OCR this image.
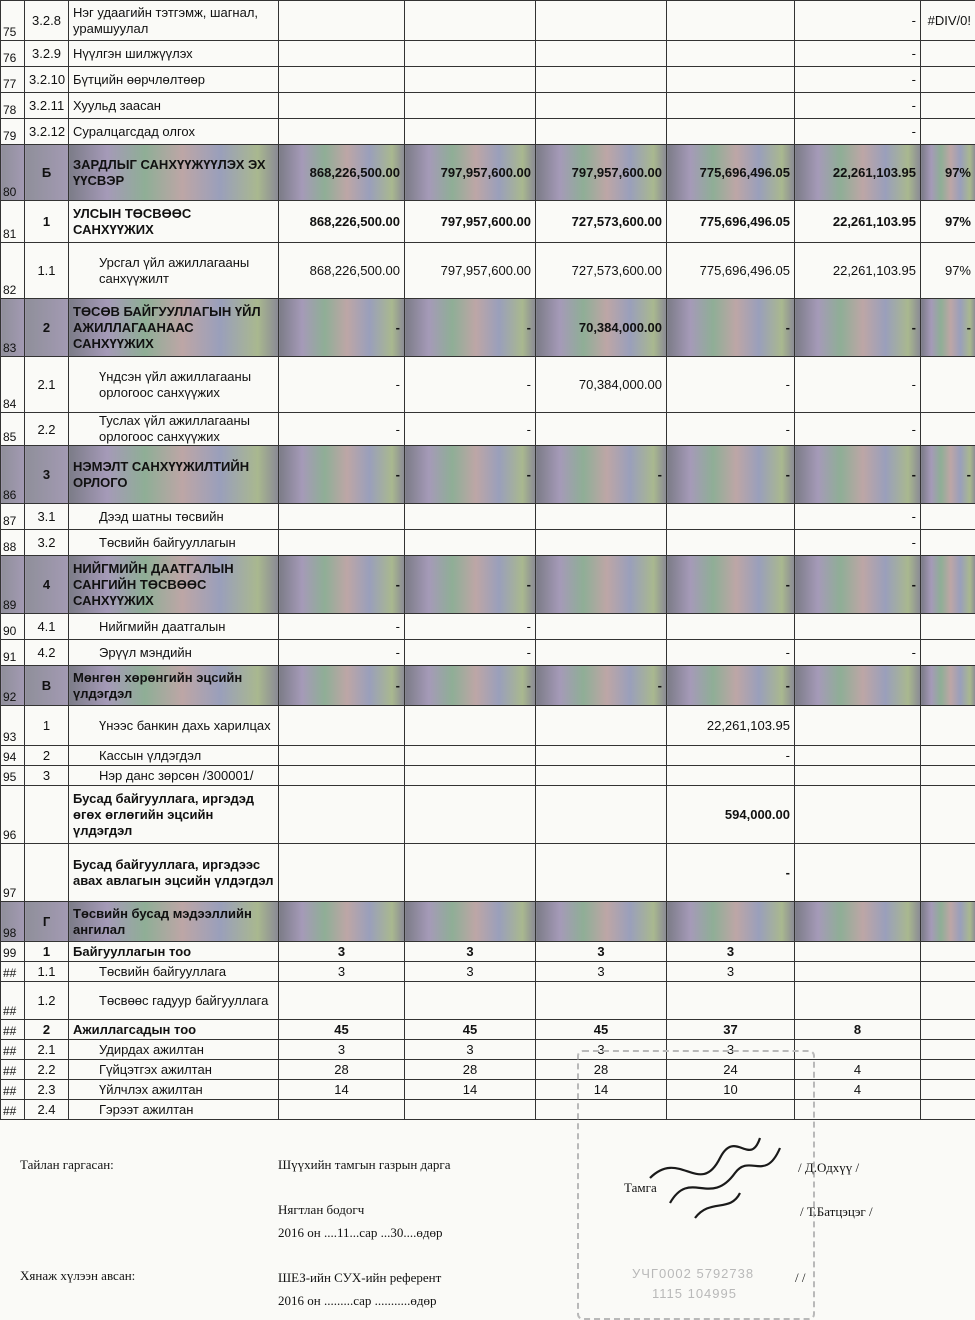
75	3.2.8	Нэг удаагийн тэтгэмж, шагнал, урамшуулал					-	#DIV/0!
76	3.2.9	Нүүлгэн шилжүүлэх					-	
77	3.2.10	Бүтцийн өөрчлөлтөөр					-	
78	3.2.11	Хуульд заасан					-	
79	3.2.12	Суралцагсдад олгох					-	
80	Б	ЗАРДЛЫГ САНХҮҮЖҮҮЛЭХ ЭХ ҮҮСВЭР	868,226,500.00	797,957,600.00	797,957,600.00	775,696,496.05	22,261,103.95	97%
81	1	УЛСЫН ТӨСВӨӨС САНХҮҮЖИХ	868,226,500.00	797,957,600.00	727,573,600.00	775,696,496.05	22,261,103.95	97%
82	1.1	Урсгал үйл ажиллагааны санхүүжилт	868,226,500.00	797,957,600.00	727,573,600.00	775,696,496.05	22,261,103.95	97%
83	2	ТӨСӨВ БАЙГУУЛЛАГЫН ҮЙЛ АЖИЛЛАГААНААС САНХҮҮЖИХ	-	-	70,384,000.00	-	-	-
84	2.1	Үндсэн үйл ажиллагааны орлогоос санхүүжих	-	-	70,384,000.00	-	-	
85	2.2	Туслах үйл ажиллагааны орлогоос санхүүжих	-	-		-	-	
86	3	НЭМЭЛТ САНХҮҮЖИЛТИЙН ОРЛОГО	-	-	-	-	-	-
87	3.1	Дээд шатны төсвийн					-	
88	3.2	Төсвийн байгууллагын					-	
89	4	НИЙГМИЙН ДААТГАЛЫН САНГИЙН ТӨСВӨӨС САНХҮҮЖИХ	-	-		-	-	
90	4.1	Нийгмийн даатгалын	-	-				
91	4.2	Эрүүл мэндийн	-	-		-	-	
92	В	Мөнгөн хөрөнгийн эцсийн үлдэгдэл	-	-	-	-		
93	1	Үнээс банкин дахь харилцах				22,261,103.95		
94	2	Кассын үлдэгдэл				-		
95	3	Нэр данс зөрсөн /300001/						
96		Бусад байгууллага, иргэдэд өгөх өглөгийн эцсийн үлдэгдэл				594,000.00		
97		Бусад байгууллага, иргэдээс авах авлагын эцсийн үлдэгдэл				-		
98	Г	Төсвийн бусад мэдээллийн ангилал						
99	1	Байгууллагын тоо	3	3	3	3		
##	1.1	Төсвийн байгууллага	3	3	3	3		
##	1.2	Төсвөөс гадуур байгууллага						
##	2	Ажиллагсадын тоо	45	45	45	37	8	
##	2.1	Удирдах ажилтан	3	3	3	3		
##	2.2	Гүйцэтгэх ажилтан	28	28	28	24	4	
##	2.3	Үйлчлэх ажилтан	14	14	14	10	4	
##	2.4	Гэрээт ажилтан						
УЧГ0002 5792738
1115 104995
Тайлан гаргасан:	Шүүхийн тамгын газрын дарга
Тамга
/ Д.Одхүү /
Нягтлан бодогч	/ Т.Батцэцэг /
2016 он ....11...сар ...30....өдөр
Хянаж хүлээн авсан:	ШЕЗ-ийн СУХ-ийн референт	/ /
2016 он .........сар ...........өдөр
